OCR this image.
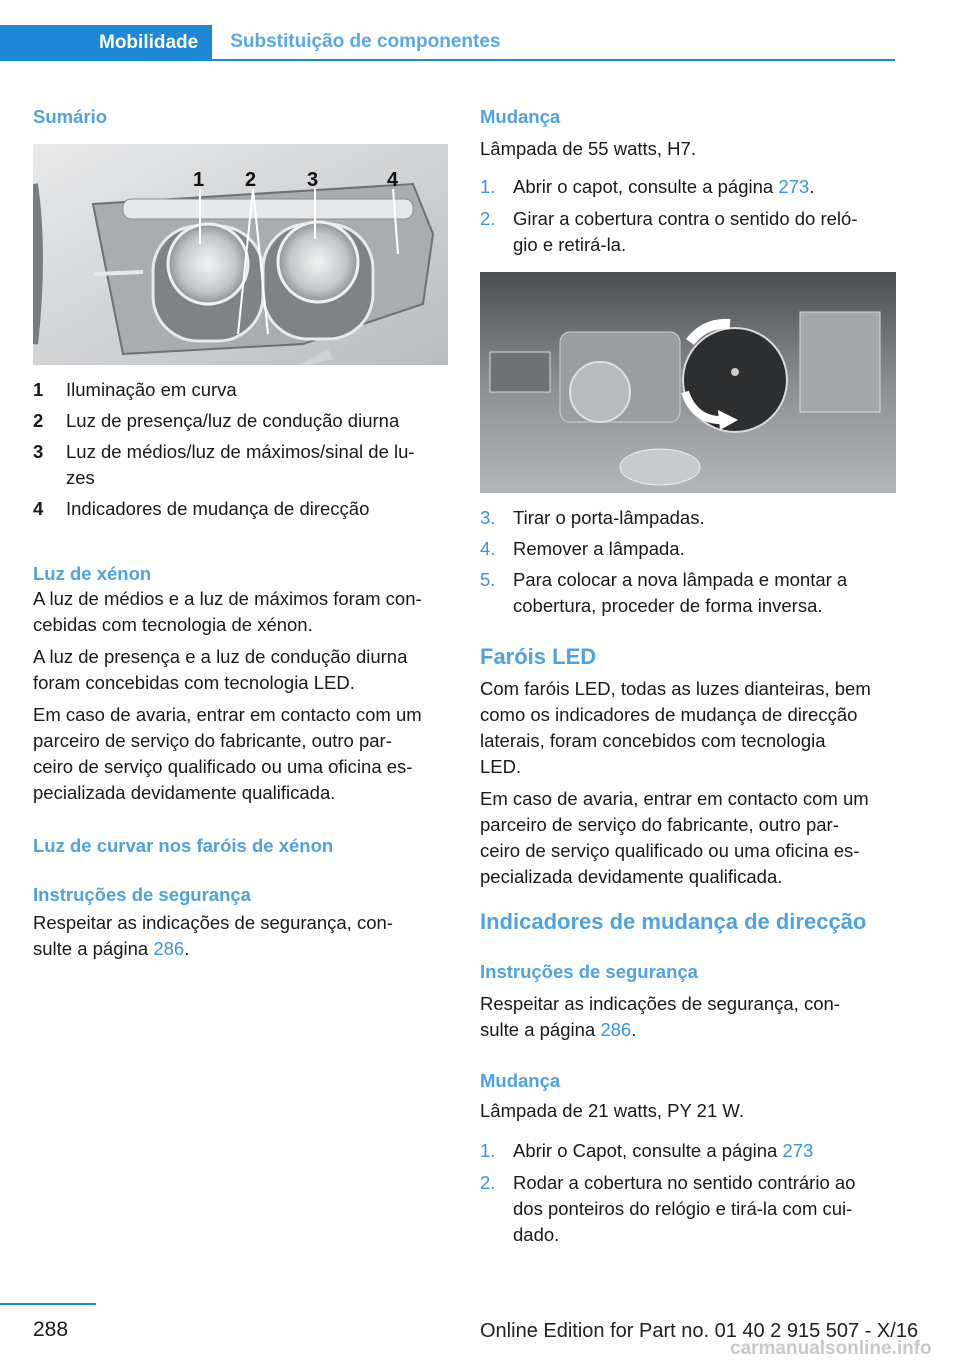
Mobilidade	Substituição de componentes
Sumário
1 2	3	4
1	Iluminação em curva
2	Luz de presença/luz de condução diurna
3	Luz de médios/luz de máximos/sinal de lu‐
zes
4	Indicadores de mudança de direcção
Luz de xénon

A luz de médios e a luz de máximos foram con‐

cebidas com tecnologia de xénon.

A luz de presença e a luz de condução diurna

foram concebidas com tecnologia LED.

Em caso de avaria, entrar em contacto com um

parceiro de serviço do fabricante, outro par‐

ceiro de serviço qualificado ou uma oficina es‐

pecializada devidamente qualificada.

Luz de curvar nos faróis de xénon
Instruções de segurança

Respeitar as indicações de segurança, con‐

sulte a página 286.

Mudança

Lâmpada de 55 watts, H7.

1. Abrir o capot, consulte a página 273.
2. Girar a cobertura contra o sentido do reló‐
gio e retirá-la.
3. Tirar o porta-lâmpadas.
4. Remover a lâmpada.
5. Para colocar a nova lâmpada e montar a
cobertura, proceder de forma inversa.
Faróis LED

Com faróis LED, todas as luzes dianteiras, bem

como os indicadores de mudança de direcção

laterais, foram concebidos com tecnologia

LED.

Em caso de avaria, entrar em contacto com um

parceiro de serviço do fabricante, outro par‐

ceiro de serviço qualificado ou uma oficina es‐

pecializada devidamente qualificada.

Indicadores de mudança de direcção
Instruções de segurança

Respeitar as indicações de segurança, con‐

sulte a página 286.

Mudança

Lâmpada de 21 watts, PY 21 W.

1. Abrir o Capot, consulte a página 273
2. Rodar a cobertura no sentido contrário ao
dos ponteiros do relógio e tirá-la com cui‐
dado.
288	Online Edition for Part no. 01 40 2 915 507 - X/16
carmanualsonline.info
